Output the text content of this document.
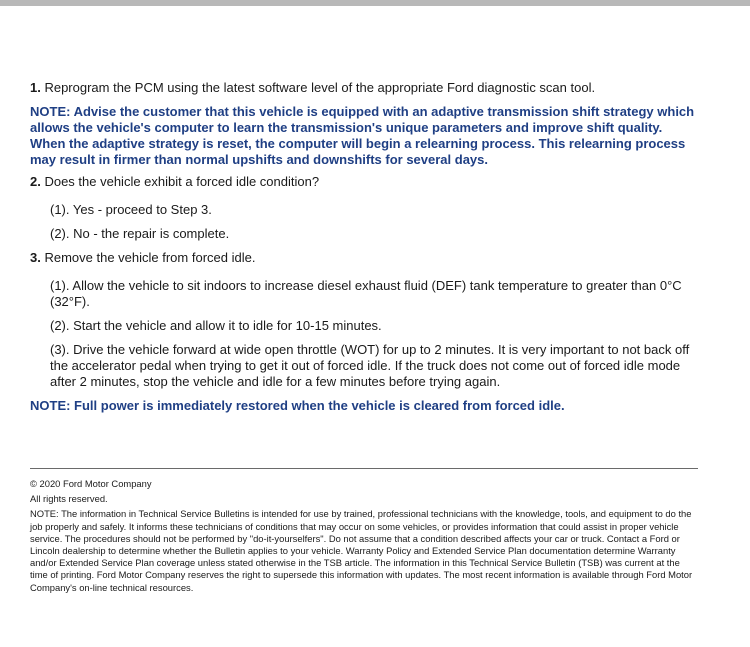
1. Reprogram the PCM using the latest software level of the appropriate Ford diagnostic scan tool.

NOTE: Advise the customer that this vehicle is equipped with an adaptive transmission shift strategy which allows the vehicle's computer to learn the transmission's unique parameters and improve shift quality. When the adaptive strategy is reset, the computer will begin a relearning process. This relearning process may result in firmer than normal upshifts and downshifts for several days.

2. Does the vehicle exhibit a forced idle condition?

(1). Yes - proceed to Step 3.

(2). No - the repair is complete.

3. Remove the vehicle from forced idle.

(1). Allow the vehicle to sit indoors to increase diesel exhaust fluid (DEF) tank temperature to greater than 0°C (32°F).

(2). Start the vehicle and allow it to idle for 10-15 minutes.

(3). Drive the vehicle forward at wide open throttle (WOT) for up to 2 minutes. It is very important to not back off the accelerator pedal when trying to get it out of forced idle. If the truck does not come out of forced idle mode after 2 minutes, stop the vehicle and idle for a few minutes before trying again.

NOTE: Full power is immediately restored when the vehicle is cleared from forced idle.

© 2020 Ford Motor Company

All rights reserved.

NOTE: The information in Technical Service Bulletins is intended for use by trained, professional technicians with the knowledge, tools, and equipment to do the job properly and safely. It informs these technicians of conditions that may occur on some vehicles, or provides information that could assist in proper vehicle service. The procedures should not be performed by "do-it-yourselfers". Do not assume that a condition described affects your car or truck. Contact a Ford or Lincoln dealership to determine whether the Bulletin applies to your vehicle. Warranty Policy and Extended Service Plan documentation determine Warranty and/or Extended Service Plan coverage unless stated otherwise in the TSB article. The information in this Technical Service Bulletin (TSB) was current at the time of printing. Ford Motor Company reserves the right to supersede this information with updates. The most recent information is available through Ford Motor Company's on-line technical resources.
